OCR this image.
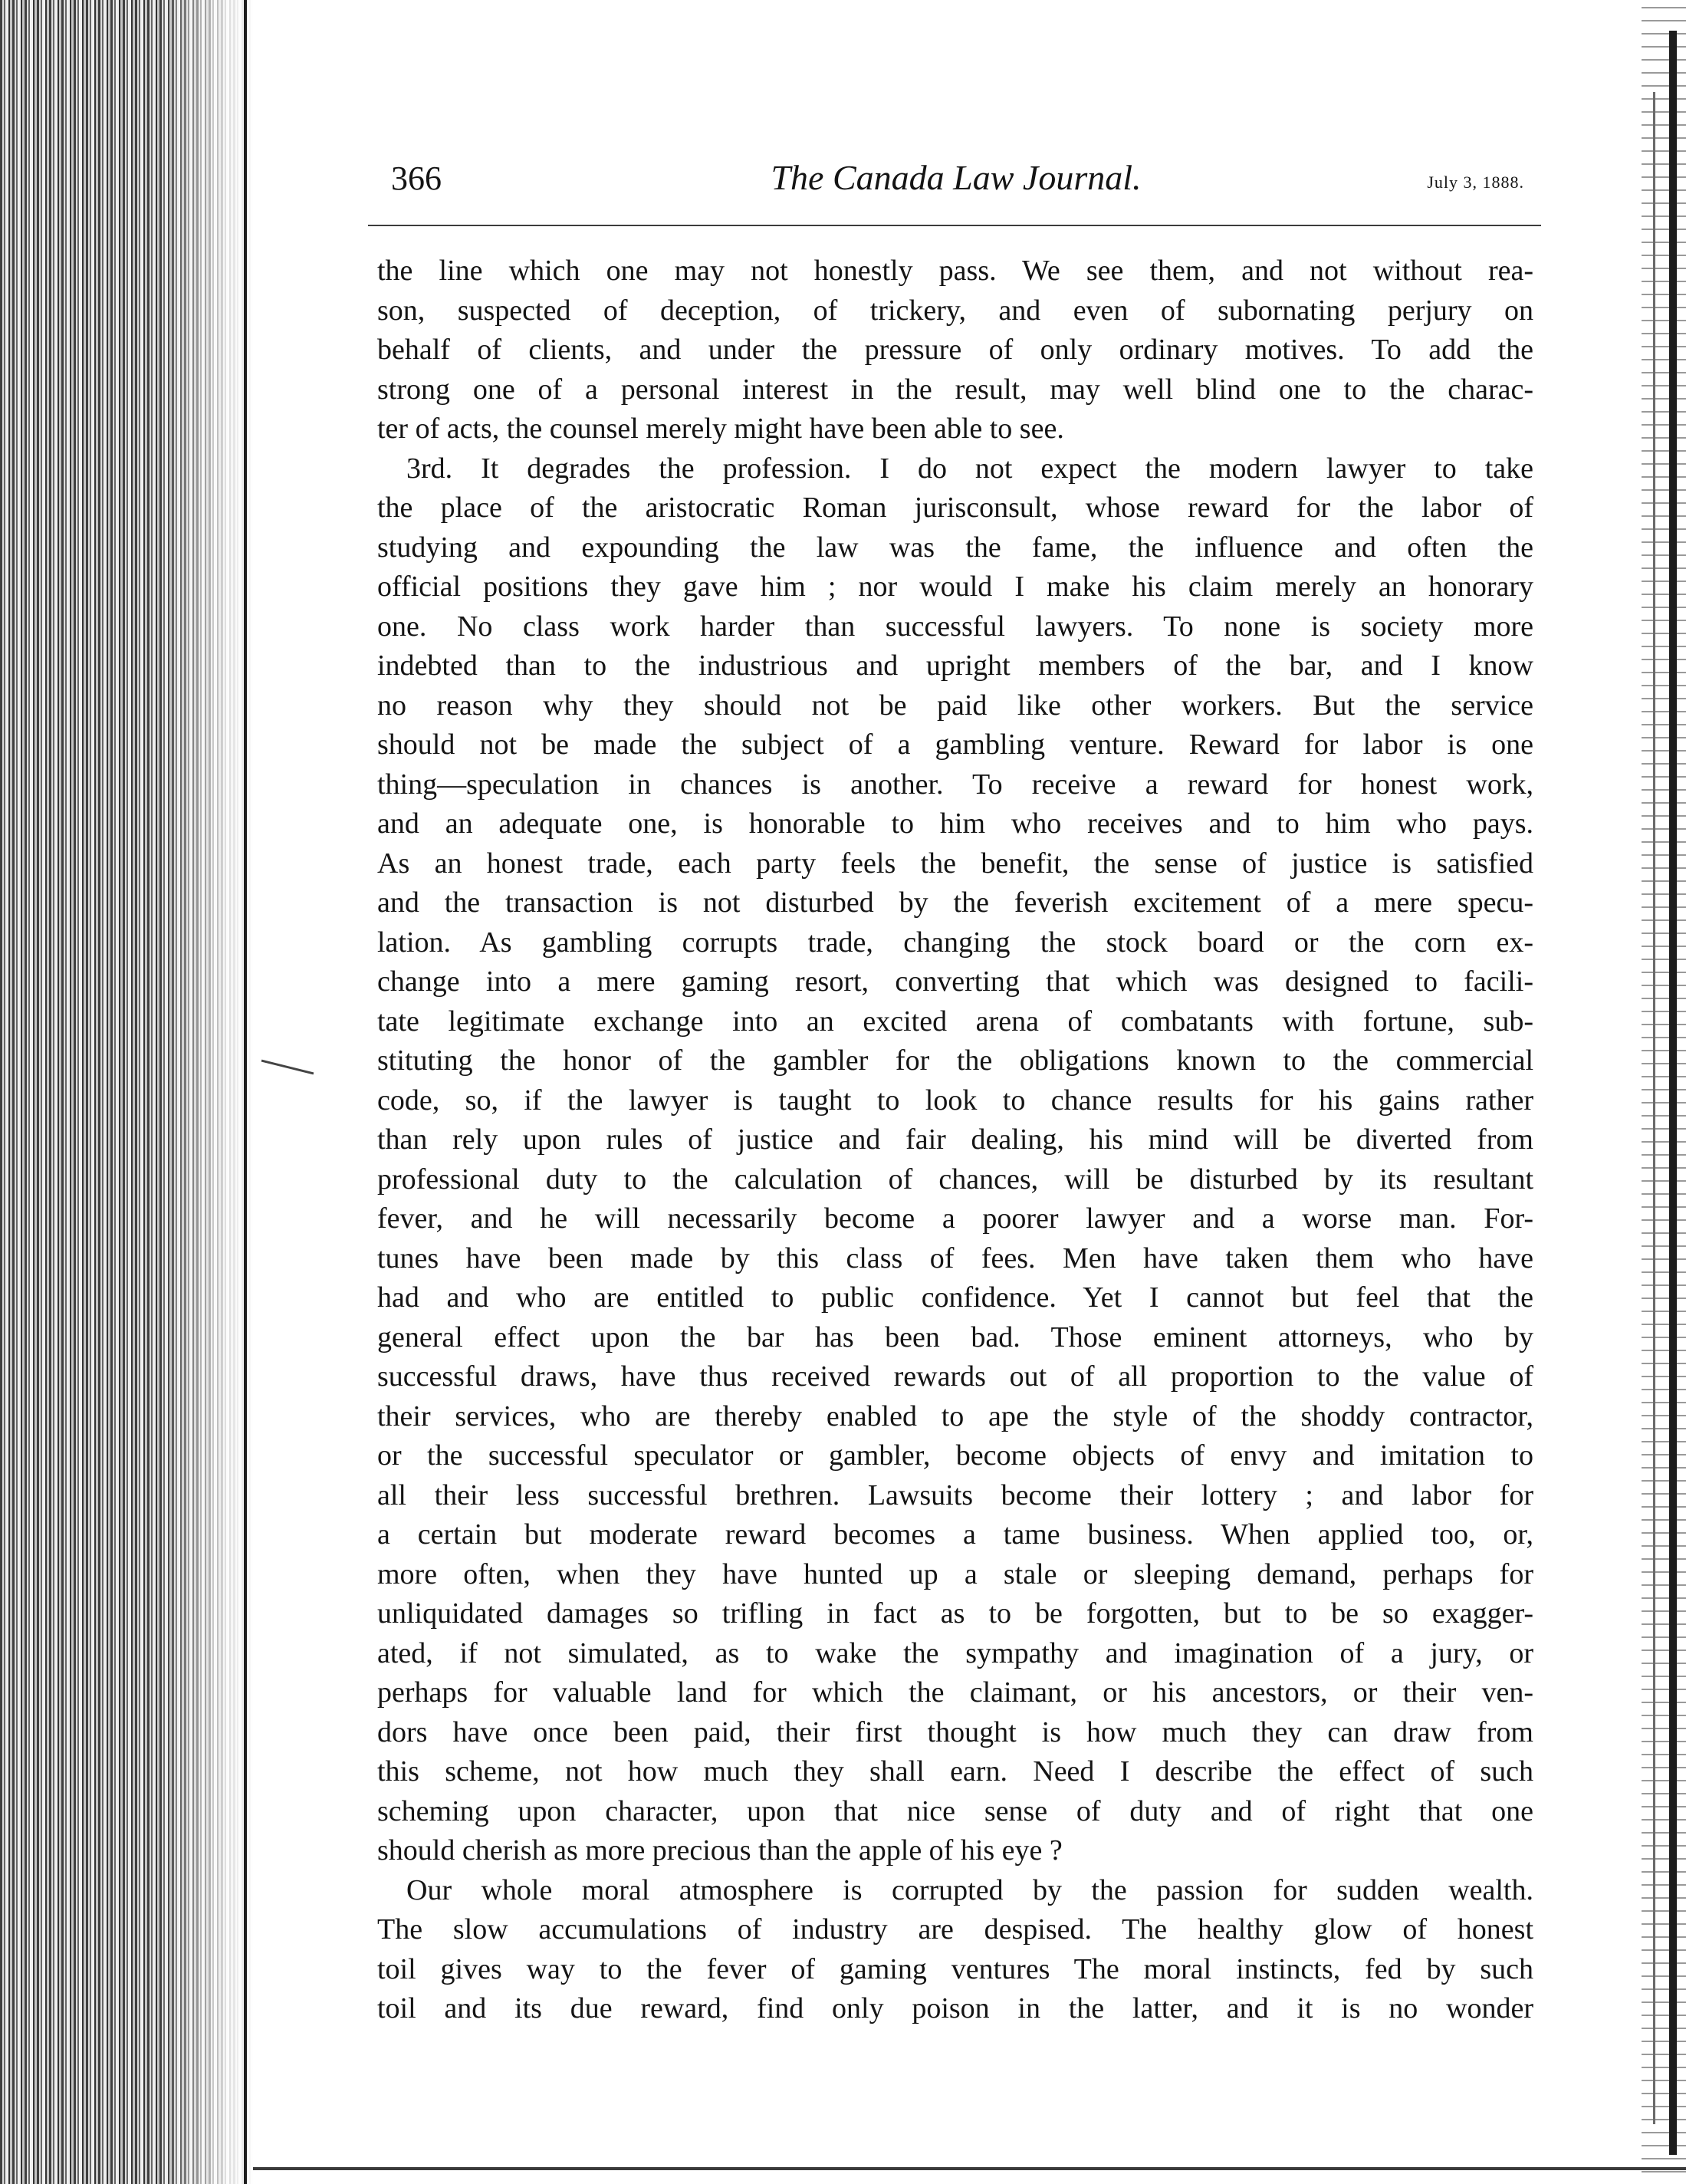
366	The Canada Law Journal.	July 3, 1888.

the line which one may not honestly pass. We see them, and not without rea-

son, suspected of deception, of trickery, and even of subornating perjury on

behalf of clients, and under the pressure of only ordinary motives. To add the

strong one of a personal interest in the result, may well blind one to the charac-

ter of acts, the counsel merely might have been able to see.

3rd. It degrades the profession. I do not expect the modern lawyer to take

the place of the aristocratic Roman jurisconsult, whose reward for the labor of

studying and expounding the law was the fame, the influence and often the

official positions they gave him ; nor would I make his claim merely an honorary

one. No class work harder than successful lawyers. To none is society more

indebted than to the industrious and upright members of the bar, and I know

no reason why they should not be paid like other workers. But the service

should not be made the subject of a gambling venture. Reward for labor is one

thing—speculation in chances is another. To receive a reward for honest work,

and an adequate one, is honorable to him who receives and to him who pays.

As an honest trade, each party feels the benefit, the sense of justice is satisfied

and the transaction is not disturbed by the feverish excitement of a mere specu-

lation. As gambling corrupts trade, changing the stock board or the corn ex-

change into a mere gaming resort, converting that which was designed to facili-

tate legitimate exchange into an excited arena of combatants with fortune, sub-

stituting the honor of the gambler for the obligations known to the commercial

code, so, if the lawyer is taught to look to chance results for his gains rather

than rely upon rules of justice and fair dealing, his mind will be diverted from

professional duty to the calculation of chances, will be disturbed by its resultant

fever, and he will necessarily become a poorer lawyer and a worse man. For-

tunes have been made by this class of fees. Men have taken them who have

had and who are entitled to public confidence. Yet I cannot but feel that the

general effect upon the bar has been bad. Those eminent attorneys, who by

successful draws, have thus received rewards out of all proportion to the value of

their services, who are thereby enabled to ape the style of the shoddy contractor,

or the successful speculator or gambler, become objects of envy and imitation to

all their less successful brethren. Lawsuits become their lottery ; and labor for

a certain but moderate reward becomes a tame business. When applied too, or,

more often, when they have hunted up a stale or sleeping demand, perhaps for

unliquidated damages so trifling in fact as to be forgotten, but to be so exagger-

ated, if not simulated, as to wake the sympathy and imagination of a jury, or

perhaps for valuable land for which the claimant, or his ancestors, or their ven-

dors have once been paid, their first thought is how much they can draw from

this scheme, not how much they shall earn. Need I describe the effect of such

scheming upon character, upon that nice sense of duty and of right that one

should cherish as more precious than the apple of his eye ?

Our whole moral atmosphere is corrupted by the passion for sudden wealth.

The slow accumulations of industry are despised. The healthy glow of honest

toil gives way to the fever of gaming ventures The moral instincts, fed by such

toil and its due reward, find only poison in the latter, and it is no wonder
